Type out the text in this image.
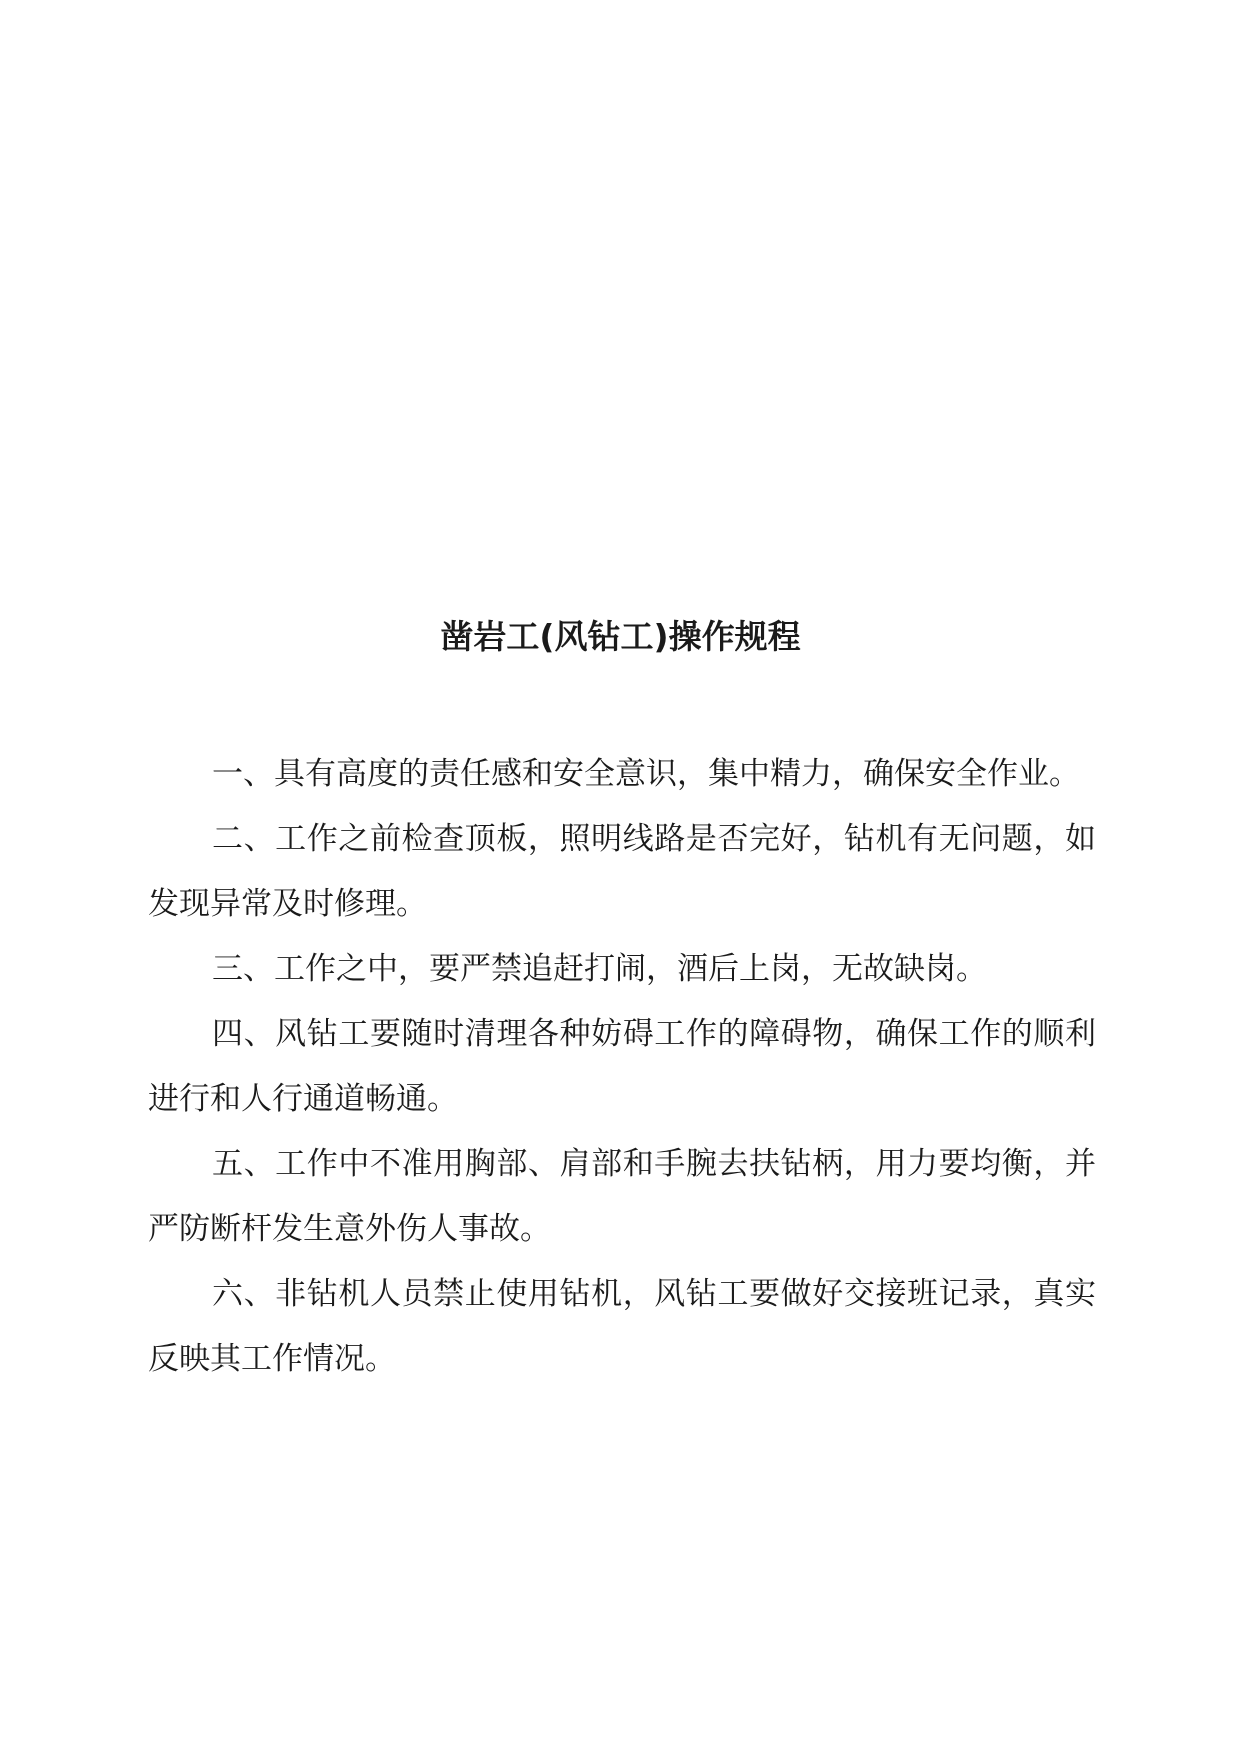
凿岩工(风钻工)操作规程

一、具有高度的责任感和安全意识，集中精力，确保安全作业。

二、工作之前检查顶板，照明线路是否完好，钻机有无问题，如发现异常及时修理。

三、工作之中，要严禁追赶打闹，酒后上岗，无故缺岗。

四、风钻工要随时清理各种妨碍工作的障碍物，确保工作的顺利进行和人行通道畅通。

五、工作中不准用胸部、肩部和手腕去扶钻柄，用力要均衡，并严防断杆发生意外伤人事故。

六、非钻机人员禁止使用钻机，风钻工要做好交接班记录，真实反映其工作情况。
